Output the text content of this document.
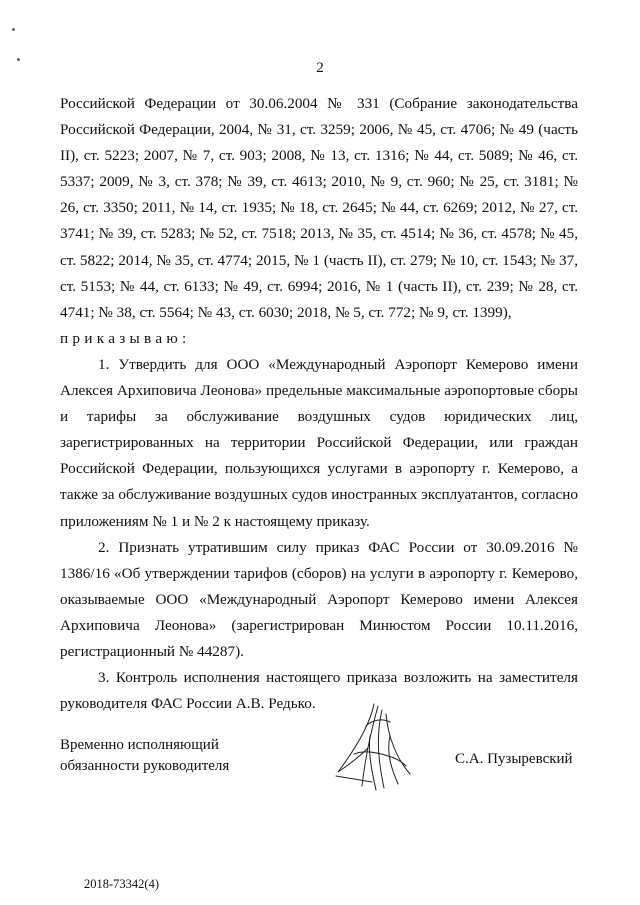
2

Российской Федерации от 30.06.2004 № 331 (Собрание законодательства Российской Федерации, 2004, № 31, ст. 3259; 2006, № 45, ст. 4706; № 49 (часть II), ст. 5223; 2007, № 7, ст. 903; 2008, № 13, ст. 1316; № 44, ст. 5089; № 46, ст. 5337; 2009, № 3, ст. 378; № 39, ст. 4613; 2010, № 9, ст. 960; № 25, ст. 3181; № 26, ст. 3350; 2011, № 14, ст. 1935; № 18, ст. 2645; № 44, ст. 6269; 2012, № 27, ст. 3741; № 39, ст. 5283; № 52, ст. 7518; 2013, № 35, ст. 4514; № 36, ст. 4578; № 45, ст. 5822; 2014, № 35, ст. 4774; 2015, № 1 (часть II), ст. 279; № 10, ст. 1543; № 37, ст. 5153; № 44, ст. 6133; № 49, ст. 6994; 2016, № 1 (часть II), ст. 239; № 28, ст. 4741; № 38, ст. 5564; № 43, ст. 6030; 2018, № 5, ст. 772; № 9, ст. 1399),

приказываю:

1. Утвердить для ООО «Международный Аэропорт Кемерово имени Алексея Архиповича Леонова» предельные максимальные аэропортовые сборы и тарифы за обслуживание воздушных судов юридических лиц, зарегистрированных на территории Российской Федерации, или граждан Российской Федерации, пользующихся услугами в аэропорту г. Кемерово, а также за обслуживание воздушных судов иностранных эксплуатантов, согласно приложениям № 1 и № 2 к настоящему приказу.

2. Признать утратившим силу приказ ФАС России от 30.09.2016 № 1386/16 «Об утверждении тарифов (сборов) на услуги в аэропорту г. Кемерово, оказываемые ООО «Международный Аэропорт Кемерово имени Алексея Архиповича Леонова» (зарегистрирован Минюстом России 10.11.2016, регистрационный № 44287).

3. Контроль исполнения настоящего приказа возложить на заместителя руководителя ФАС России А.В. Редько.

Временно исполняющий
обязанности руководителя	С.А. Пузыревский
2018-73342(4)
